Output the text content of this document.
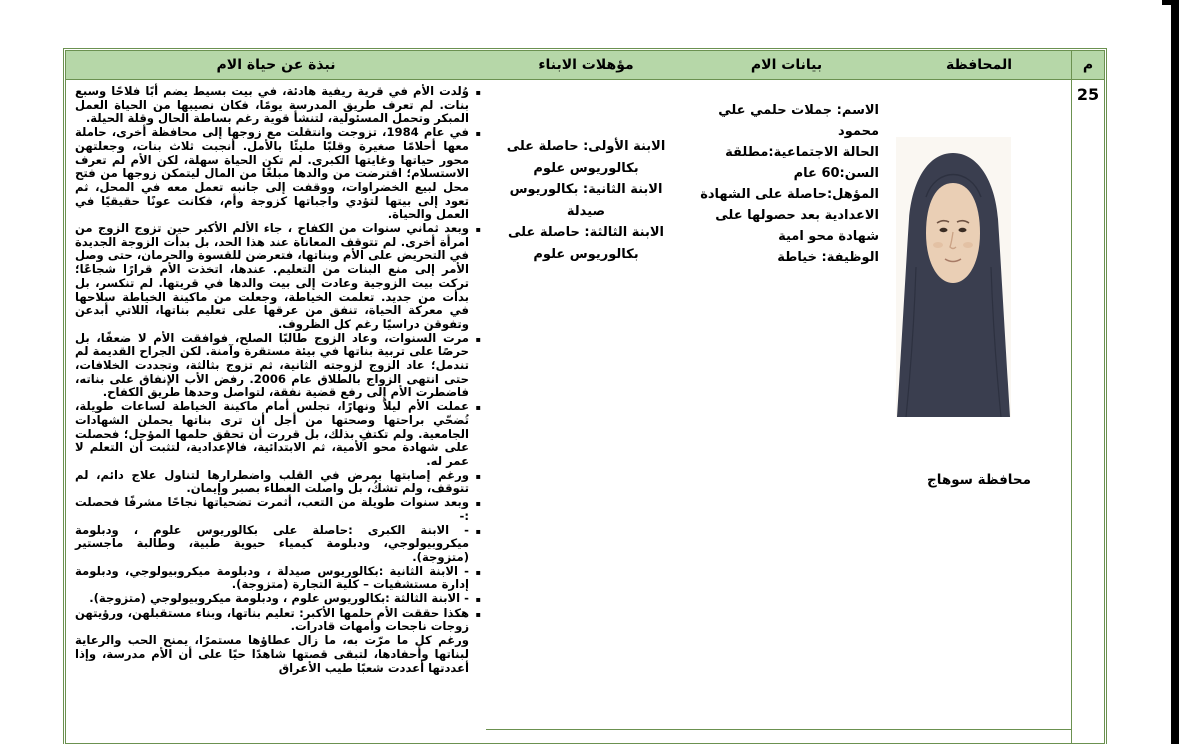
م
25
المحافظة
محافظة سوهاج
بيانات الام
الاسم: جملات حلمي علي محمود
الحالة الاجتماعية:مطلقة
السن:60 عام
المؤهل:حاصلة على الشهادة الاعدادية بعد حصولها على شهادة محو امية
الوظيفة: خياطة
مؤهلات الابناء
الابنة الأولى: حاصلة على بكالوريوس علوم
الابنة الثانية: بكالوريوس صيدلة
الابنة الثالثة: حاصلة على بكالوريوس علوم
نبذة عن حياة الام
▪
وُلدت الأم في قرية ريفية هادئة، في بيت بسيط يضم أبًا فلاحًا وسبع بنات. لم تعرف طريق المدرسة يومًا، فكان نصيبها من الحياة العمل المبكر وتحمل المسئولية، لتنشأ قوية رغم بساطة الحال وقلة الحيلة.
▪
في عام 1984، تزوجت وانتقلت مع زوجها إلى محافظة أخرى، حاملة معها أحلامًا صغيرة وقلبًا مليئًا بالأمل. أنجبت ثلاث بنات، وجعلتهن محور حياتها وغايتها الكبرى. لم تكن الحياة سهلة، لكن الأم لم تعرف الاستسلام؛ اقترضت من والدها مبلغًا من المال ليتمكن زوجها من فتح محل لبيع الخضراوات، ووقفت إلى جانبه تعمل معه في المحل، ثم تعود إلى بيتها لتؤدي واجباتها كزوجة وأم، فكانت عونًا حقيقيًا في العمل والحياة.
▪
وبعد ثماني سنوات من الكفاح ، جاء الألم الأكبر حين تزوج الزوج من امرأة أخرى. لم تتوقف المعاناة عند هذا الحد، بل بدأت الزوجة الجديدة في التحريض على الأم وبناتها، فتعرضن للقسوة والحرمان، حتى وصل الأمر إلى منع البنات من التعليم. عندها، اتخذت الأم قرارًا شجاعًا؛ تركت بيت الزوجية وعادت إلى بيت والدها في قريتها. لم تنكسر، بل بدأت من جديد. تعلمت الخياطة، وجعلت من ماكينة الخياطة سلاحها في معركة الحياة، تنفق من عرقها على تعليم بناتها، اللاتي أبدعن وتفوقن دراسيًا رغم كل الظروف.
▪
مرت السنوات، وعاد الزوج طالبًا الصلح، فوافقت الأم لا ضعفًا، بل حرصًا على تربية بناتها في بيئة مستقرة وآمنة. لكن الجراح القديمة لم تندمل؛ عاد الزوج لزوجته الثانية، ثم تزوج بثالثة، وتجددت الخلافات، حتى انتهى الزواج بالطلاق عام 2006. رفض الأب الإنفاق على بناته، فاضطرت الأم إلى رفع قضية نفقة، لتواصل وحدها طريق الكفاح.
▪
عملت الأم ليلاً ونهارًا، تجلس أمام ماكينة الخياطة لساعات طويلة، تُضحّي براحتها وصحتها من أجل أن ترى بناتها يحملن الشهادات الجامعية. ولم تكتفِ بذلك، بل قررت أن تحقق حلمها المؤجل؛ فحصلت على شهادة محو الأمية، ثم الابتدائية، فالإعدادية، لتثبت أن التعلم لا عمر له.
▪
ورغم إصابتها بمرض في القلب واضطرارها لتناول علاج دائم، لم تتوقف، ولم تشكُ، بل واصلت العطاء بصبر وإيمان.
▪
وبعد سنوات طويلة من التعب، أثمرت تضحياتها نجاحًا مشرفًا فحصلت :-
▪
- الابنة الكبرى :حاصلة على بكالوريوس علوم ، ودبلومة ميكروبيولوجي، ودبلومة كيمياء حيوية طبية، وطالبة ماجستير (متزوجة).
▪
- الابنة الثانية :بكالوريوس صيدلة ، ودبلومة ميكروبيولوجي، ودبلومة إدارة مستشفيات – كلية التجارة (متزوجة).
▪
- الابنة الثالثة :بكالوريوس علوم ، ودبلومة ميكروبيولوجي (متزوجة).
▪
هكذا حققت الأم حلمها الأكبر: تعليم بناتها، وبناء مستقبلهن، ورؤيتهن زوجات ناجحات وأمهات قادرات.
ورغم كل ما مرّت به، ما زال عطاؤها مستمرًا، يمنح الحب والرعاية لبناتها وأحفادها، لتبقى قصتها شاهدًا حيًا على أن الأم مدرسة، وإذا أعددتها أعددت شعبًا طيب الأعراق
